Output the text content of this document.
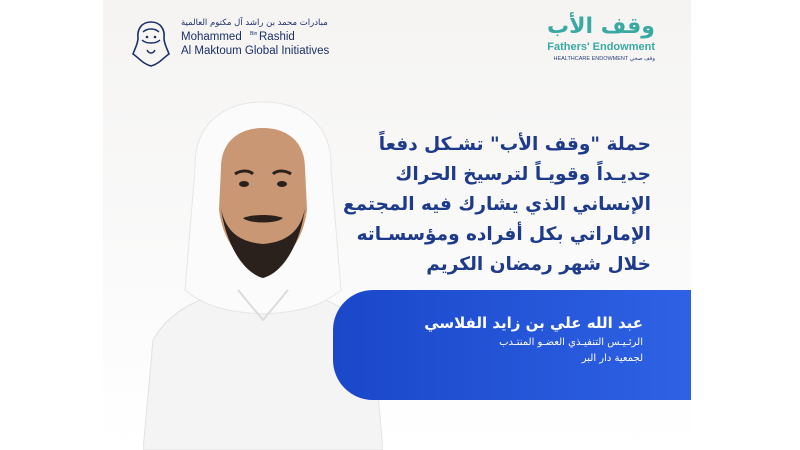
مبادرات محمد بن راشد آل مكتوم العالمية
Mohammed Bin Rashid
Al Maktoum Global Initiatives
وقف الأب
Fathers' Endowment
HEALTHCARE ENDOWMENT وقف صحي
حملة "وقف الأب" تشـكل دفعاً
جديـداً وقويـاً لترسيخ الحراك
الإنساني الذي يشارك فيه المجتمع
الإماراتي بكل أفراده ومؤسسـاته
خلال شهر رمضان الكريم
عبد الله علي بن زايد الفلاسي
الرئـيـس التنفيـذي العضـو المنتـدب
لجمعية دار البر
